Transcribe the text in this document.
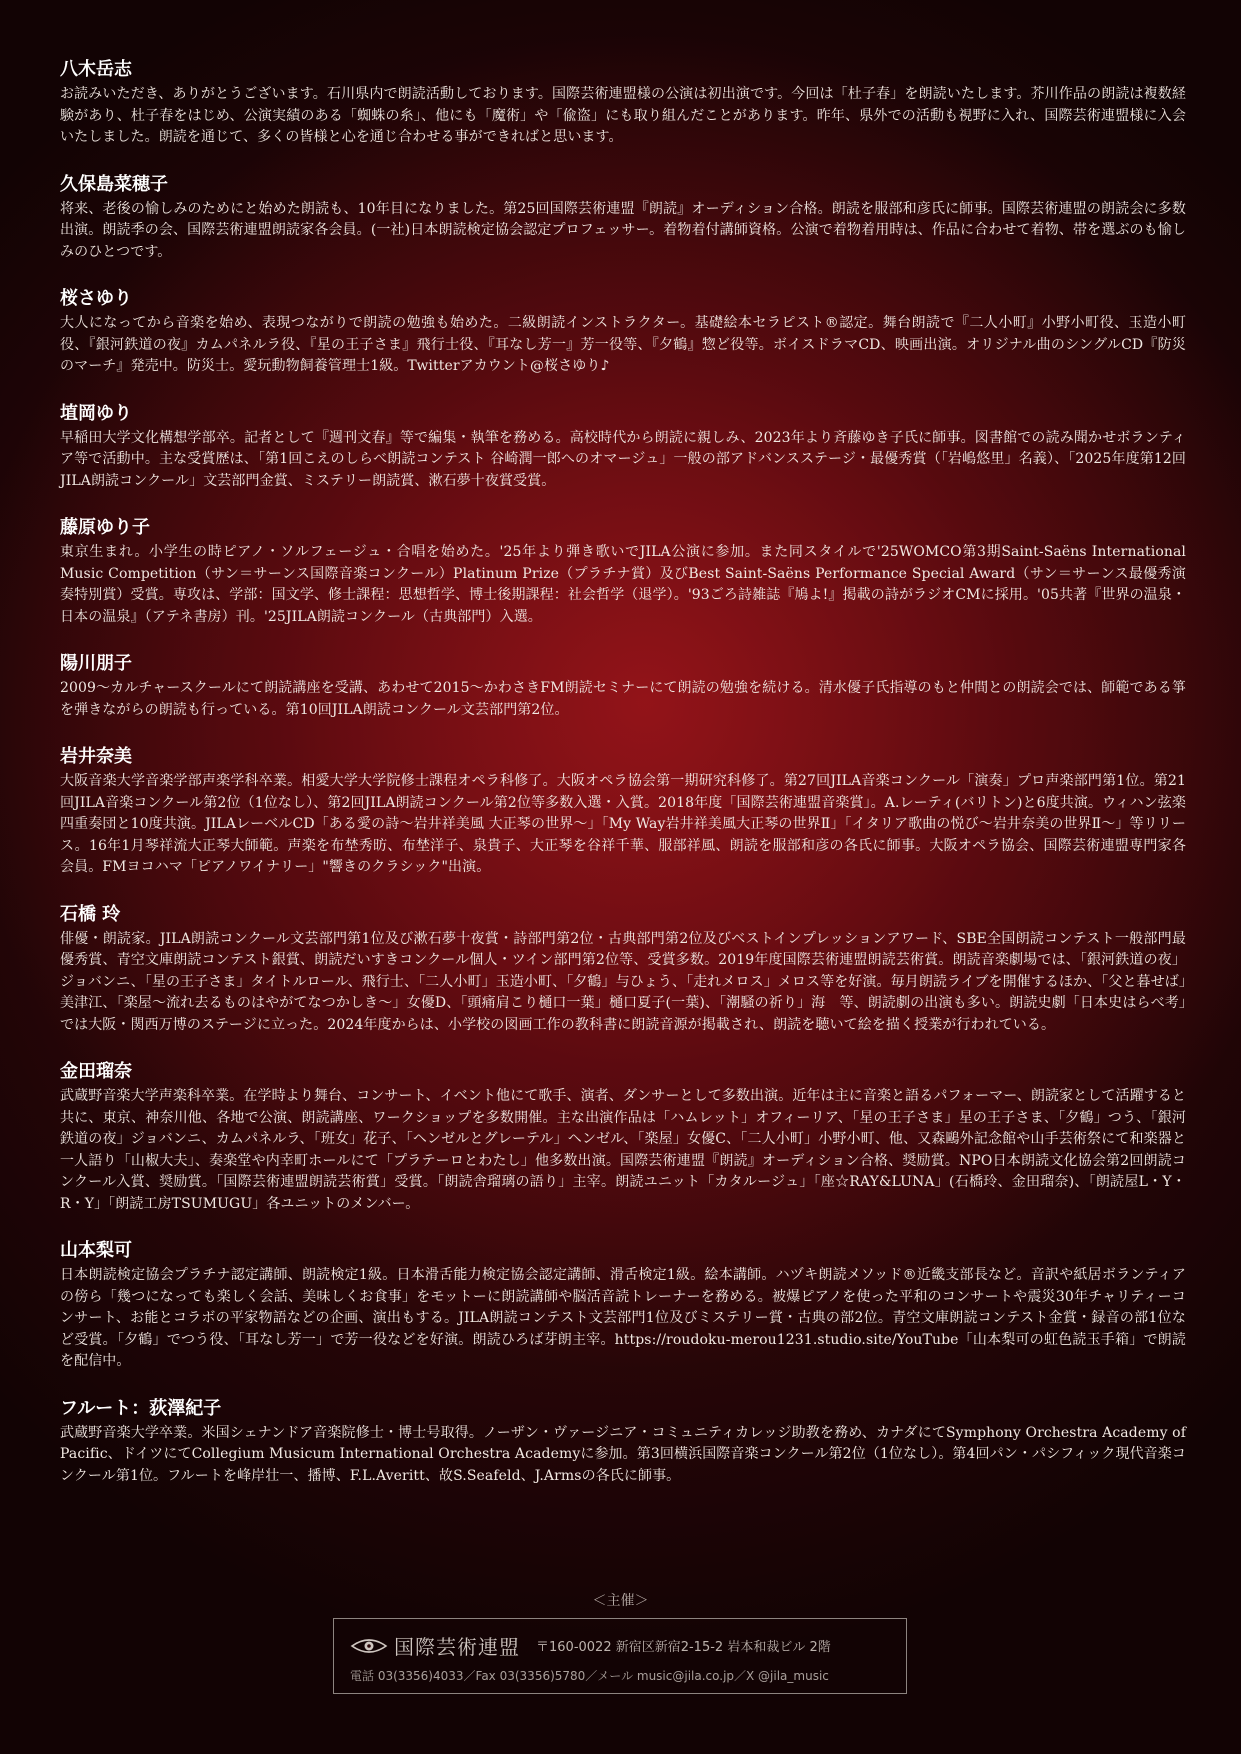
八木岳志

お読みいただき、ありがとうございます。石川県内で朗読活動しております。国際芸術連盟様の公演は初出演です。今回は「杜子春」を朗読いたします。芥川作品の朗読は複数経験があり、杜子春をはじめ、公演実績のある「蜘蛛の糸」、他にも「魔術」や「偸盗」にも取り組んだことがあります。昨年、県外での活動も視野に入れ、国際芸術連盟様に入会いたしました。朗読を通じて、多くの皆様と心を通じ合わせる事ができればと思います。

久保島菜穂子

将来、老後の愉しみのためにと始めた朗読も、10年目になりました。第25回国際芸術連盟『朗読』オーディション合格。朗読を服部和彦氏に師事。国際芸術連盟の朗読会に多数出演。朗読季の会、国際芸術連盟朗読家各会員。(一社)日本朗読検定協会認定プロフェッサー。着物着付講師資格。公演で着物着用時は、作品に合わせて着物、帯を選ぶのも愉しみのひとつです。

桜さゆり

大人になってから音楽を始め、表現つながりで朗読の勉強も始めた。二級朗読インストラクター。基礎絵本セラピスト®認定。舞台朗読で『二人小町』小野小町役、玉造小町役、『銀河鉄道の夜』カムパネルラ役、『星の王子さま』飛行士役、『耳なし芳一』芳一役等、『夕鶴』惣ど役等。ボイスドラマCD、映画出演。オリジナル曲のシングルCD『防災のマーチ』発売中。防災士。愛玩動物飼養管理士1級。Twitterアカウント@桜さゆり♪

埴岡ゆり

早稲田大学文化構想学部卒。記者として『週刊文春』等で編集・執筆を務める。高校時代から朗読に親しみ、2023年より斉藤ゆき子氏に師事。図書館での読み聞かせボランティア等で活動中。主な受賞歴は、「第1回こえのしらべ朗読コンテスト 谷崎潤一郎へのオマージュ」一般の部アドバンスステージ・最優秀賞（「岩嶋悠里」名義）、「2025年度第12回JILA朗読コンクール」文芸部門金賞、ミステリー朗読賞、漱石夢十夜賞受賞。

藤原ゆり子

東京生まれ。小学生の時ピアノ・ソルフェージュ・合唱を始めた。'25年より弾き歌いでJILA公演に参加。また同スタイルで'25WOMCO第3期Saint-Saëns International Music Competition（サン＝サーンス国際音楽コンクール）Platinum Prize（プラチナ賞）及びBest Saint-Saëns Performance Special Award（サン＝サーンス最優秀演奏特別賞）受賞。専攻は、学部：国文学、修士課程：思想哲学、博士後期課程：社会哲学（退学）。'93ごろ詩雑誌『鳩よ!』掲載の詩がラジオCMに採用。'05共著『世界の温泉・日本の温泉』（アテネ書房）刊。'25JILA朗読コンクール（古典部門）入選。

陽川朋子

2009～カルチャースクールにて朗読講座を受講、あわせて2015～かわさきFM朗読セミナーにて朗読の勉強を続ける。清水優子氏指導のもと仲間との朗読会では、師範である箏を弾きながらの朗読も行っている。第10回JILA朗読コンクール文芸部門第2位。

岩井奈美

大阪音楽大学音楽学部声楽学科卒業。相愛大学大学院修士課程オペラ科修了。大阪オペラ協会第一期研究科修了。第27回JILA音楽コンクール「演奏」プロ声楽部門第1位。第21回JILA音楽コンクール第2位（1位なし）、第2回JILA朗読コンクール第2位等多数入選・入賞。2018年度「国際芸術連盟音楽賞」。A.レーティ(バリトン)と6度共演。ウィハン弦楽四重奏団と10度共演。JILAレーベルCD「ある愛の詩～岩井祥美風 大正琴の世界～」「My Way岩井祥美風大正琴の世界Ⅱ」「イタリア歌曲の悦び～岩井奈美の世界Ⅱ～」等リリース。16年1月琴祥流大正琴大師範。声楽を布埜秀昉、布埜洋子、泉貴子、大正琴を谷祥千華、服部祥風、朗読を服部和彦の各氏に師事。大阪オペラ協会、国際芸術連盟専門家各会員。FMヨコハマ「ピアノワイナリー」"響きのクラシック"出演。

石橋 玲

俳優・朗読家。JILA朗読コンクール文芸部門第1位及び漱石夢十夜賞・詩部門第2位・古典部門第2位及びベストインプレッションアワード、SBE全国朗読コンテスト一般部門最優秀賞、青空文庫朗読コンテスト銀賞、朗読だいすきコンクール個人・ツイン部門第2位等、受賞多数。2019年度国際芸術連盟朗読芸術賞。朗読音楽劇場では、「銀河鉄道の夜」ジョバンニ、「星の王子さま」タイトルロール、飛行士、「二人小町」玉造小町、「夕鶴」与ひょう、「走れメロス」メロス等を好演。毎月朗読ライブを開催するほか、「父と暮せば」美津江、「楽屋～流れ去るものはやがてなつかしき～」女優D、「頭痛肩こり樋口一葉」樋口夏子(一葉)、「潮騒の祈り」海　等、朗読劇の出演も多い。朗読史劇「日本史はらべ考」では大阪・関西万博のステージに立った。2024年度からは、小学校の図画工作の教科書に朗読音源が掲載され、朗読を聴いて絵を描く授業が行われている。

金田瑠奈

武蔵野音楽大学声楽科卒業。在学時より舞台、コンサート、イベント他にて歌手、演者、ダンサーとして多数出演。近年は主に音楽と語るパフォーマー、朗読家として活躍すると共に、東京、神奈川他、各地で公演、朗読講座、ワークショップを多数開催。主な出演作品は「ハムレット」オフィーリア、「星の王子さま」星の王子さま、「夕鶴」つう、「銀河鉄道の夜」ジョバンニ、カムパネルラ、「班女」花子、「ヘンゼルとグレーテル」ヘンゼル、「楽屋」女優C、「二人小町」小野小町、他、又森鷗外記念館や山手芸術祭にて和楽器と一人語り「山椒大夫」、奏楽堂や内幸町ホールにて「プラテーロとわたし」他多数出演。国際芸術連盟『朗読』オーディション合格、奨励賞。NPO日本朗読文化協会第2回朗読コンクール入賞、奨励賞。「国際芸術連盟朗読芸術賞」受賞。「朗読舎瑠璃の語り」主宰。朗読ユニット「カタルージュ」「座☆RAY&LUNA」(石橋玲、金田瑠奈)、「朗読屋L・Y・R・Y」「朗読工房TSUMUGU」各ユニットのメンバー。

山本梨可

日本朗読検定協会プラチナ認定講師、朗読検定1級。日本滑舌能力検定協会認定講師、滑舌検定1級。絵本講師。ハヅキ朗読メソッド®近畿支部長など。音訳や紙居ボランティアの傍ら「幾つになっても楽しく会話、美味しくお食事」をモットーに朗読講師や脳活音読トレーナーを務める。被爆ピアノを使った平和のコンサートや震災30年チャリティーコンサート、お能とコラボの平家物語などの企画、演出もする。JILA朗読コンテスト文芸部門1位及びミステリー賞・古典の部2位。青空文庫朗読コンテスト金賞・録音の部1位など受賞。「夕鶴」でつう役、「耳なし芳一」で芳一役などを好演。朗読ひろば芽朗主宰。https://roudoku-merou1231.studio.site/YouTube「山本梨可の虹色読玉手箱」で朗読を配信中。

フルート：荻澤紀子

武蔵野音楽大学卒業。米国シェナンドア音楽院修士・博士号取得。ノーザン・ヴァージニア・コミュニティカレッジ助教を務め、カナダにてSymphony Orchestra Academy of Pacific、ドイツにてCollegium Musicum International Orchestra Academyに参加。第3回横浜国際音楽コンクール第2位（1位なし）。第4回パン・パシフィック現代音楽コンクール第1位。フルートを峰岸壮一、播博、F.L.Averitt、故S.Seafeld、J.Armsの各氏に師事。

＜主催＞
国際芸術連盟 〒160-0022 新宿区新宿2-15-2 岩本和裁ビル 2階
電話 03(3356)4033／Fax 03(3356)5780／メール music@jila.co.jp／X @jila_music
